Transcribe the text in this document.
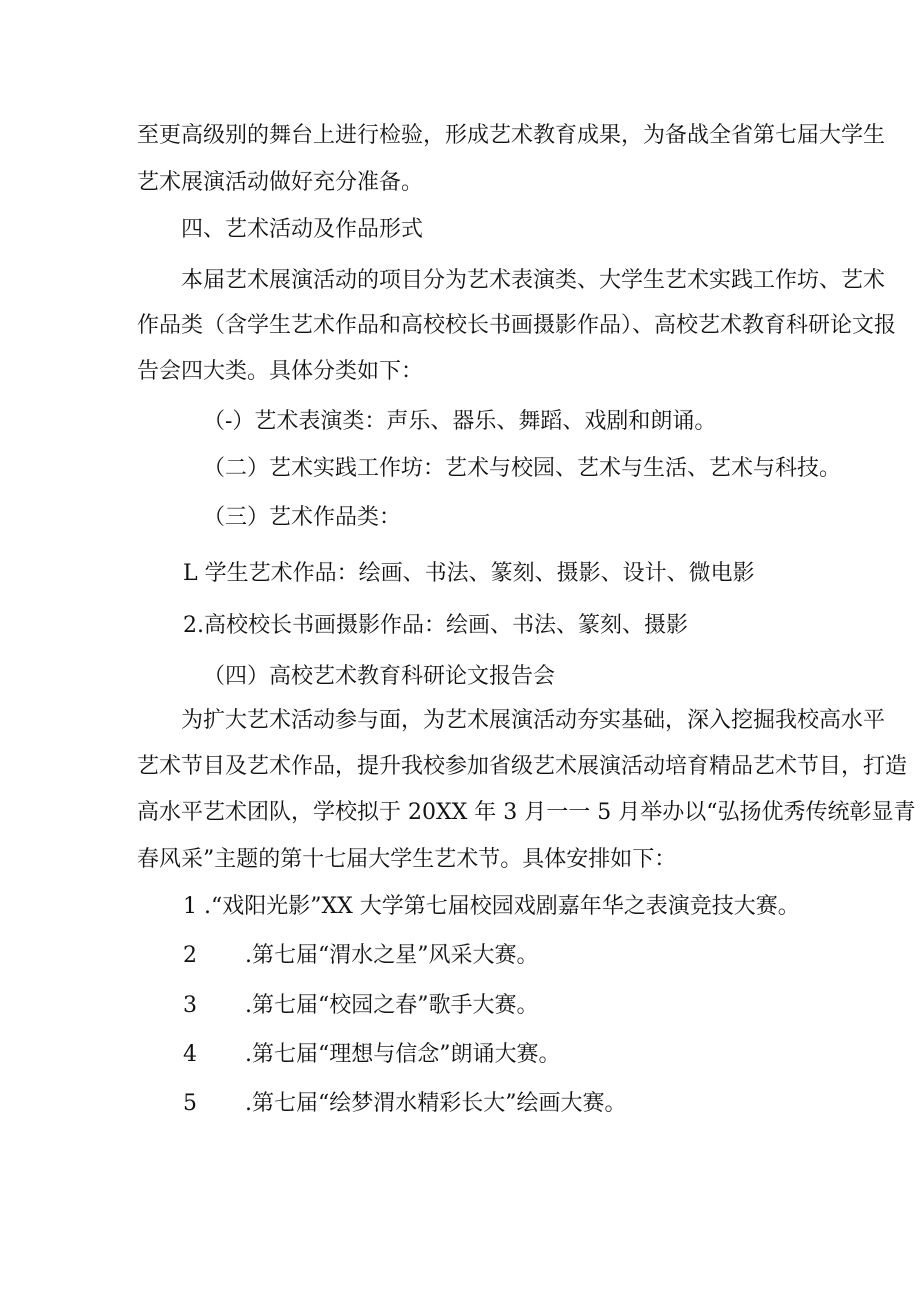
至更高级别的舞台上进行检验，形成艺术教育成果，为备战全省第七届大学生
艺术展演活动做好充分准备。
四、艺术活动及作品形式
本届艺术展演活动的项目分为艺术表演类、大学生艺术实践工作坊、艺术
作品类（含学生艺术作品和高校校长书画摄影作品）、高校艺术教育科研论文报
告会四大类。具体分类如下：
（-）艺术表演类：声乐、器乐、舞蹈、戏剧和朗诵。
（二）艺术实践工作坊：艺术与校园、艺术与生活、艺术与科技。
（三）艺术作品类：
L 学生艺术作品：绘画、书法、篆刻、摄影、设计、微电影
2.高校校长书画摄影作品：绘画、书法、篆刻、摄影
（四）高校艺术教育科研论文报告会
为扩大艺术活动参与面，为艺术展演活动夯实基础，深入挖掘我校高水平
艺术节目及艺术作品，提升我校参加省级艺术展演活动培育精品艺术节目，打造
高水平艺术团队，学校拟于 20XX 年 3 月一一 5 月举办以“弘扬优秀传统彰显青
春风采”主题的第十七届大学生艺术节。具体安排如下：
1 .“戏阳光影”XX 大学第七届校园戏剧嘉年华之表演竞技大赛。
2 .第七届“渭水之星”风采大赛。
3 .第七届“校园之春”歌手大赛。
4 .第七届“理想与信念”朗诵大赛。
5 .第七届“绘梦渭水精彩长大”绘画大赛。
